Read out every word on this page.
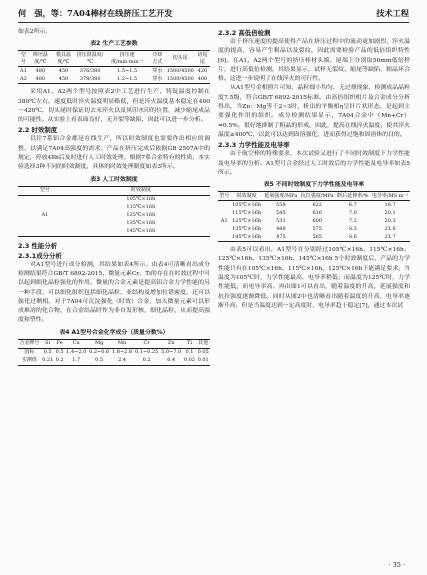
何　强，等：7A04棒材在线挤压工艺开发	技术工程

如表2所示。

表2 生产工艺参数
型号	棒坯温度/℃	模具温度/℃	挤压筒温度/℃	挤压速度/mm·min⁻¹	冷却方式	切头尾	切尾尾
A1	480	450	376/380	1.5~1.5	穿水	1500/4500	420
A2	480	450	378/380	1.2~1.5	穿水	1500/4500	400

采用A1、A2两个型号按照表2中工艺进行生产，铸锭温度控制在380℃左右。速度低时淬火温度明显略低，但是淬火温度基本稳定在400～420℃。切头尾时保证切去未淬火以及风印水印的位置，减少缩尾成品的可能性。从实验上看表面良好，无开裂等缺陷，因此可以进一步分析。

2.2 时效制度

以往7系铝合金都是在线生产，所以时效制度也需要作出相应的调整，以满足7A04高强度的需求。产品在挤压完成后依据GB 2507A中的规定，停放48h后及时进行人工时效处理。根据7系合金特有的性质，本实验选择3种不同的时效制度，具体的时效处理制度如表3所示。

表3 人工时效制度
型号	时效制度
A1	105℃×16h
	115℃×16h
	125℃×16h
	135℃×16h
	145℃×16h
2.3 性能分析
2.3.1成分分析

对A1型号进行成分检测，其结果如表4所示。由表4可清晰看出成分检测结果符合GB/T 6892-2015，微量元素Cr、Ti的存在在时效过程中可以起到细化晶粒强化的作用。微量的合金元素是提高铝合金力学性能的另一种手段，可以细化组织包括细化晶粒、亚结构及增加位错密度，还可以强化过剩相。对于7A04可沉淀强化（时效）合金，加入微量元素可以形成难溶的化合物，在合金结晶时作为非自发形核，细化晶粒，从而提高强度和塑性。

表4 A1型号合金化学成分（质量分数%）
合金牌号	Si	Fe	Cu	Mg	Mn	Cr	Zn	Ti	其他
国标	0.5	0.5	1.4~2.0	0.2~0.6	1.8~2.8	0.1~0.25	5.0~7.0	0.1	0.05
实测值	0.21	0.2	1.7	0.5	2.4	0.2	6.4	0.02	0.01
2.3.2 高低倍检测

由于挤压速度的提高使得产品在挤压过程中的流动更加剧烈，淬火温度的提高，容易产生粗晶以及裂纹，因此需要检验产品的低倍组织特性[6]。在A1、A2两个型号的挤压棒材头端、尾端上分别取50mm低倍样片，进行高低倍检测。其结果显示，试样无裂纹、缩尾等缺陷，粗晶环合格。这进一步说明了在线淬火的可行性。

从A1型号金相照片可知，晶粒细小均匀，无过烧现象，检测成品晶粒度7.5级，符合GB/T 6892-2015标准。由高倍组织相片及合金成分分析得出，当Zn：Mg等于2~3时，析出的平衡相η呈针片状形态，是起到主要强化作用的组织。成分检测结果显示，7A04合金中（Mn+Cr）=0.5%，很好地抑制了粗晶的形成。因此，提高在线淬火温度，使其淬火温度≥400℃，以此可以达到固溶强化，进而获得过饱和固溶体的目的。

2.3.3 力学性能及电导率

由于航空棒的特殊要求，本次试验又进行了不同时效制度下力学性能及电导率的分析。A1型号合金经过人工时效后的力学性能及电导率如表5所示。

表5 不同时效制度下力学性能及电导率
型号	时效制度	延展强度/MPa	抗拉强度/MPa	断后延伸率/%	电导率/MS·m⁻¹
A1	105℃×16h	558	622	6.7	18.7
	115℃×16h	545	616	7.0	20.1
	125℃×16h	531	600	7.2	20.3
	135℃×16h	488	575	8.3	21.6
	145℃×16h	475	565	8.6	21.7

由表5可以看出，A1型号在分别经过105℃×16h、115℃×16h、125℃×16h、135℃×16h、145℃×16h 5个时效制度后，产品的力学性能只有在105℃×16h、115℃×16h、125℃×16h下能满足要求。当温度为105℃时，力学性能最高，电导率稍低；而温度为125℃时，力学性能低，而电导率高。再由图1可以看出，随着温度的升高，延展强度和抗拉强度逐渐降低。同时从图2中也清晰看出随着温度的升高，电导率逐渐升高，但是当温度达到一定高度时，电导率趋于稳定[7]，通过本次试

· 35 ·
